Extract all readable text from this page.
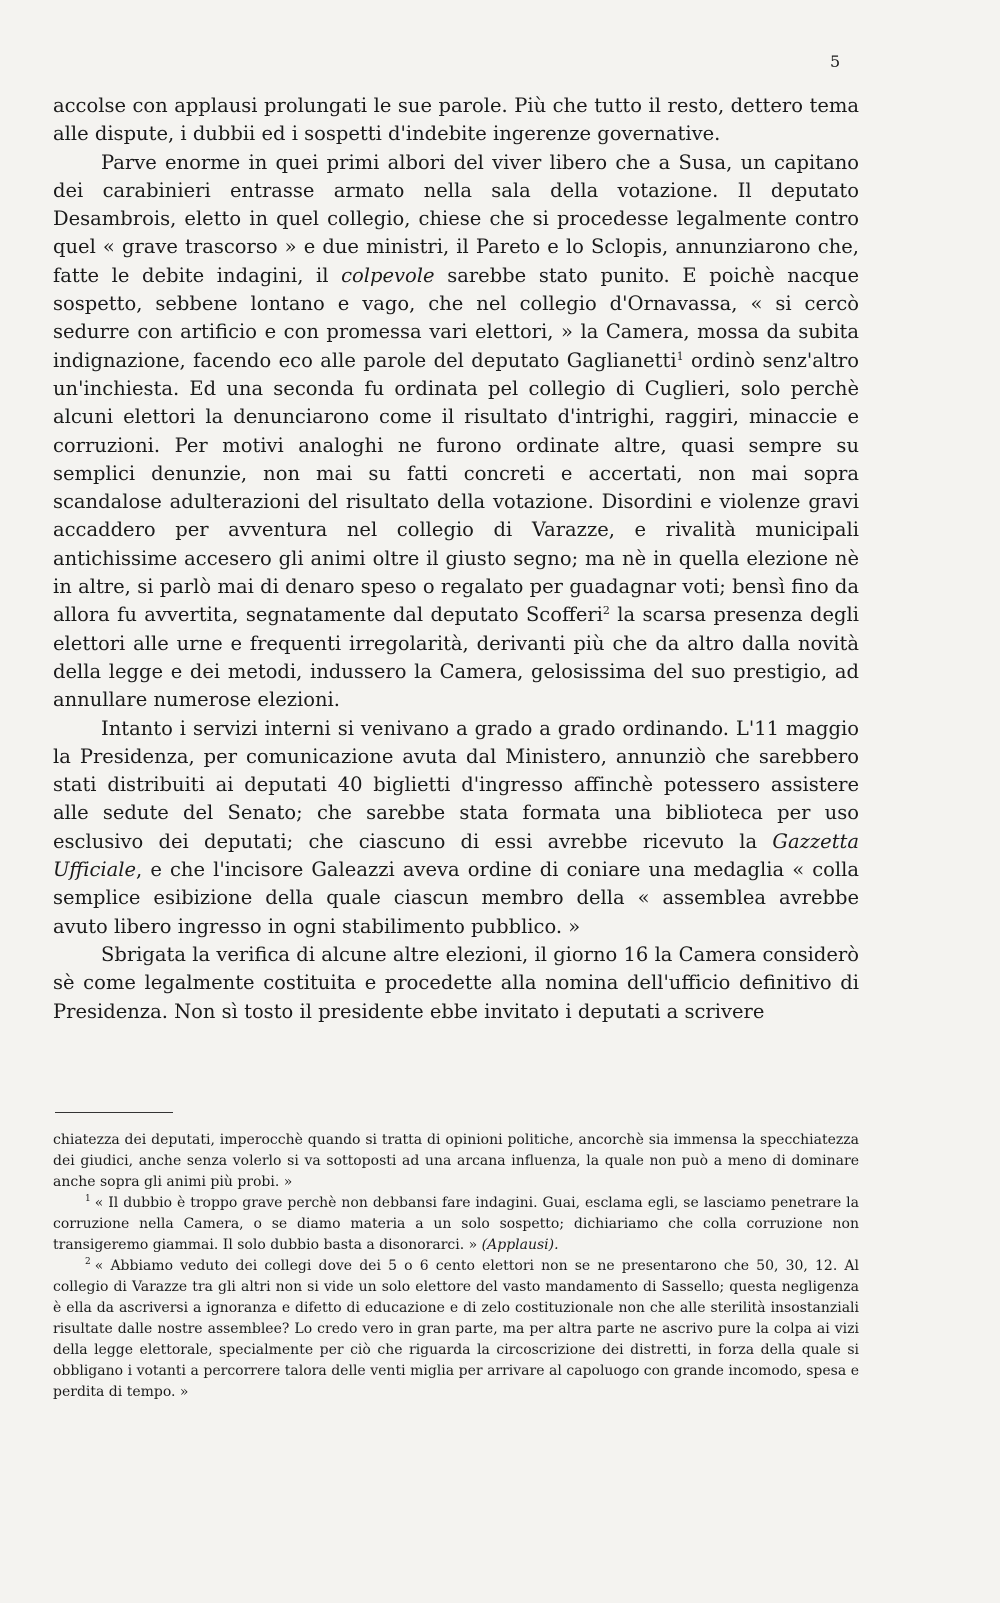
5

accolse con applausi prolungati le sue parole. Più che tutto il resto, dettero tema alle dispute, i dubbii ed i sospetti d'indebite ingerenze governative.

Parve enorme in quei primi albori del viver libero che a Susa, un capitano dei carabinieri entrasse armato nella sala della votazione. Il deputato Desambrois, eletto in quel collegio, chiese che si procedesse legalmente contro quel « grave trascorso » e due ministri, il Pareto e lo Sclopis, annunziarono che, fatte le debite indagini, il colpevole sarebbe stato punito. E poichè nacque sospetto, sebbene lontano e vago, che nel collegio d'Ornavassa, « si cercò sedurre con artificio e con promessa vari elettori, » la Camera, mossa da subita indignazione, facendo eco alle parole del deputato Gaglianetti$^1$ ordinò senz'altro un'inchiesta. Ed una seconda fu ordinata pel collegio di Cuglieri, solo perchè alcuni elettori la denunciarono come il risultato d'intrighi, raggiri, minaccie e corruzioni. Per motivi analoghi ne furono ordinate altre, quasi sempre su semplici denunzie, non mai su fatti concreti e accertati, non mai sopra scandalose adulterazioni del risultato della votazione. Disordini e violenze gravi accaddero per avventura nel collegio di Varazze, e rivalità municipali antichissime accesero gli animi oltre il giusto segno; ma nè in quella elezione nè in altre, si parlò mai di denaro speso o regalato per guadagnar voti; bensì fino da allora fu avvertita, segnatamente dal deputato Scofferi$^2$ la scarsa presenza degli elettori alle urne e frequenti irregolarità, derivanti più che da altro dalla novità della legge e dei metodi, indussero la Camera, gelosissima del suo prestigio, ad annullare numerose elezioni.

Intanto i servizi interni si venivano a grado a grado ordinando. L'11 maggio la Presidenza, per comunicazione avuta dal Ministero, annunziò che sarebbero stati distribuiti ai deputati 40 biglietti d'ingresso affinchè potessero assistere alle sedute del Senato; che sarebbe stata formata una biblioteca per uso esclusivo dei deputati; che ciascuno di essi avrebbe ricevuto la Gazzetta Ufficiale, e che l'incisore Galeazzi aveva ordine di coniare una medaglia « colla semplice esibizione della quale ciascun membro della « assemblea avrebbe avuto libero ingresso in ogni stabilimento pubblico. »

Sbrigata la verifica di alcune altre elezioni, il giorno 16 la Camera considerò sè come legalmente costituita e procedette alla nomina dell'ufficio definitivo di Presidenza. Non sì tosto il presidente ebbe invitato i deputati a scrivere

chiatezza dei deputati, imperocchè quando si tratta di opinioni politiche, ancorchè sia immensa la specchiatezza dei giudici, anche senza volerlo si va sottoposti ad una arcana influenza, la quale non può a meno di dominare anche sopra gli animi più probi. »

$^1$ « Il dubbio è troppo grave perchè non debbansi fare indagini. Guai, esclama egli, se lasciamo penetrare la corruzione nella Camera, o se diamo materia a un solo sospetto; dichiariamo che colla corruzione non transigeremo giammai. Il solo dubbio basta a disonorarci. » (Applausi).

$^2$ « Abbiamo veduto dei collegi dove dei 5 o 6 cento elettori non se ne presentarono che 50, 30, 12. Al collegio di Varazze tra gli altri non si vide un solo elettore del vasto mandamento di Sassello; questa negligenza è ella da ascriversi a ignoranza e difetto di educazione e di zelo costituzionale non che alle sterilità insostanziali risultate dalle nostre assemblee? Lo credo vero in gran parte, ma per altra parte ne ascrivo pure la colpa ai vizi della legge elettorale, specialmente per ciò che riguarda la circoscrizione dei distretti, in forza della quale si obbligano i votanti a percorrere talora delle venti miglia per arrivare al capoluogo con grande incomodo, spesa e perdita di tempo. »
